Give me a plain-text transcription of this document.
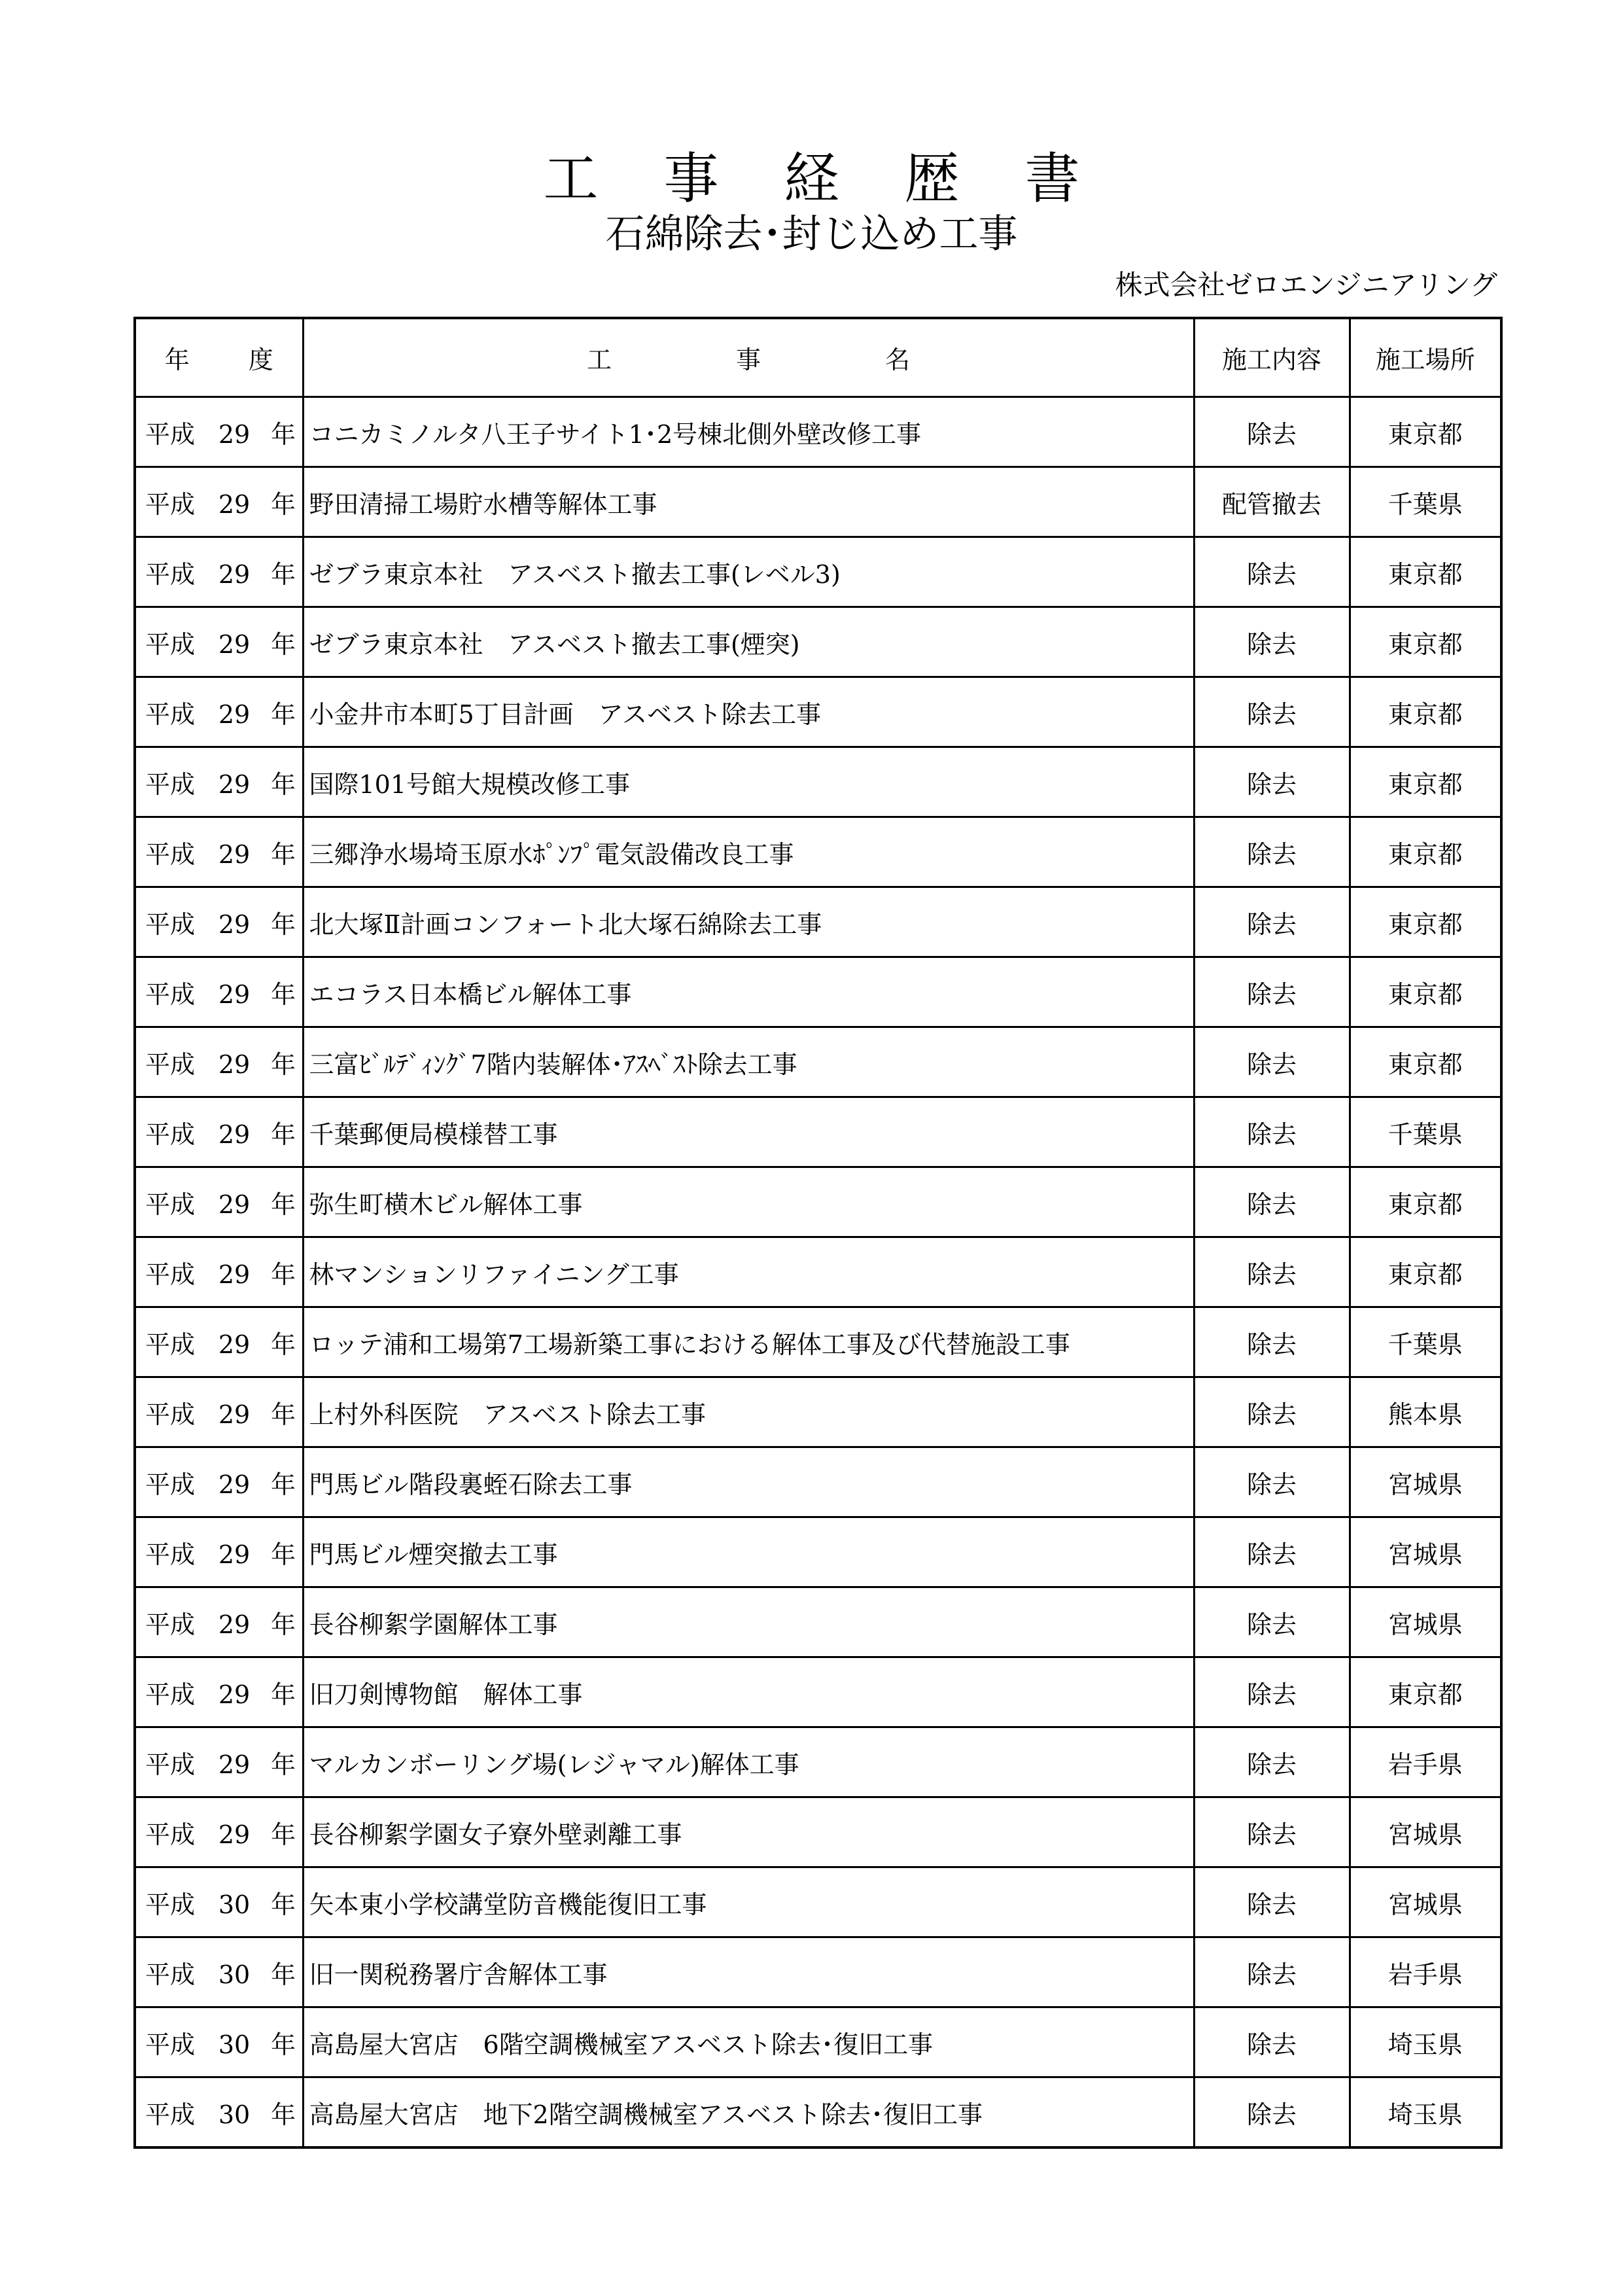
工 事 経 歴 書
石綿除去･封じ込め工事
株式会社ゼロエンジニアリング
年 度	工 事 名	施工内容	施工場所
平成 29 年	コニカミノルタ八王子サイト1･2号棟北側外壁改修工事	除去	東京都
平成 29 年	野田清掃工場貯水槽等解体工事	配管撤去	千葉県
平成 29 年	ゼブラ東京本社　アスベスト撤去工事(レベル3)	除去	東京都
平成 29 年	ゼブラ東京本社　アスベスト撤去工事(煙突)	除去	東京都
平成 29 年	小金井市本町5丁目計画　アスベスト除去工事	除去	東京都
平成 29 年	国際101号館大規模改修工事	除去	東京都
平成 29 年	三郷浄水場埼玉原水ﾎﾟﾝﾌﾟ電気設備改良工事	除去	東京都
平成 29 年	北大塚Ⅱ計画コンフォート北大塚石綿除去工事	除去	東京都
平成 29 年	エコラス日本橋ビル解体工事	除去	東京都
平成 29 年	三富ﾋﾞﾙﾃﾞｨﾝｸﾞ7階内装解体･ｱｽﾍﾞｽﾄ除去工事	除去	東京都
平成 29 年	千葉郵便局模様替工事	除去	千葉県
平成 29 年	弥生町横木ビル解体工事	除去	東京都
平成 29 年	林マンションリファイニング工事	除去	東京都
平成 29 年	ロッテ浦和工場第7工場新築工事における解体工事及び代替施設工事	除去	千葉県
平成 29 年	上村外科医院　アスベスト除去工事	除去	熊本県
平成 29 年	門馬ビル階段裏蛭石除去工事	除去	宮城県
平成 29 年	門馬ビル煙突撤去工事	除去	宮城県
平成 29 年	長谷柳絮学園解体工事	除去	宮城県
平成 29 年	旧刀剣博物館　解体工事	除去	東京都
平成 29 年	マルカンボーリング場(レジャマル)解体工事	除去	岩手県
平成 29 年	長谷柳絮学園女子寮外壁剥離工事	除去	宮城県
平成 30 年	矢本東小学校講堂防音機能復旧工事	除去	宮城県
平成 30 年	旧一関税務署庁舎解体工事	除去	岩手県
平成 30 年	高島屋大宮店　6階空調機械室アスベスト除去･復旧工事	除去	埼玉県
平成 30 年	高島屋大宮店　地下2階空調機械室アスベスト除去･復旧工事	除去	埼玉県
